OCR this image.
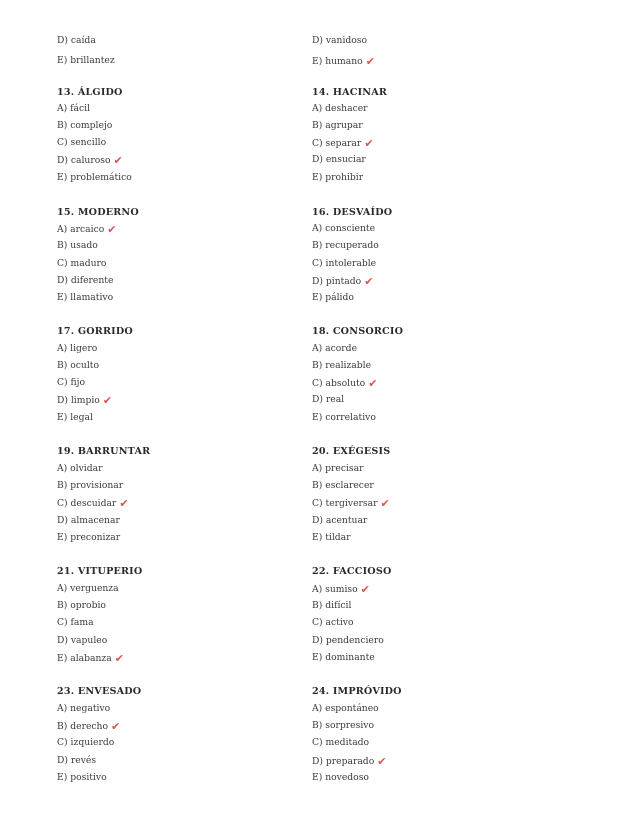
D) caída
E) brillantez
13. ÁLGIDO
A) fácil
B) complejo
C) sencillo
D) caluroso ✔
E) problemático
15. MODERNO
A) arcaico ✔
B) usado
C) maduro
D) diferente
E) llamativo
17. GORRIDO
A) ligero
B) oculto
C) fijo
D) limpio ✔
E) legal
19. BARRUNTAR
A) olvidar
B) provisionar
C) descuidar ✔
D) almacenar
E) preconizar
21. VITUPERIO
A) verguenza
B) oprobio
C) fama
D) vapuleo
E) alabanza ✔
23. ENVESADO
A) negativo
B) derecho ✔
C) izquierdo
D) revés
E) positivo
D) vanidoso
E) humano ✔
14. HACINAR
A) deshacer
B) agrupar
C) separar ✔
D) ensuciar
E) prohibir
16. DESVAÍDO
A) consciente
B) recuperado
C) intolerable
D) pintado ✔
E) pálido
18. CONSORCIO
A) acorde
B) realizable
C) absoluto ✔
D) real
E) correlativo
20. EXÉGESIS
A) precisar
B) esclarecer
C) tergiversar ✔
D) acentuar
E) tildar
22. FACCIOSO
A) sumiso ✔
B) difícil
C) activo
D) pendenciero
E) dominante
24. IMPRÓVIDO
A) espontáneo
B) sorpresivo
C) meditado
D) preparado ✔
E) novedoso
